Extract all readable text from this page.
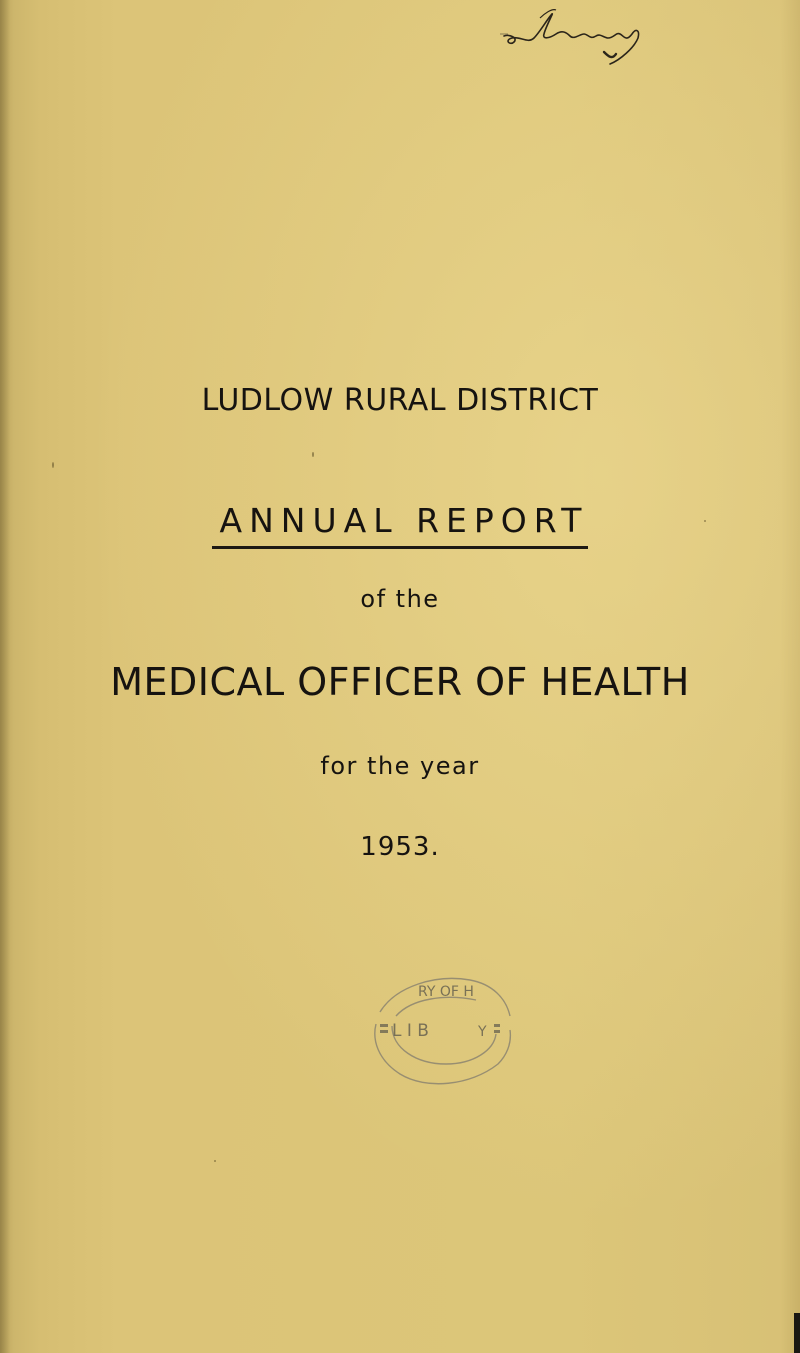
LUDLOW RURAL DISTRICT
ANNUAL REPORT
of the
MEDICAL OFFICER OF HEALTH
for the year
1953.
RY OF H
L I B	Y
